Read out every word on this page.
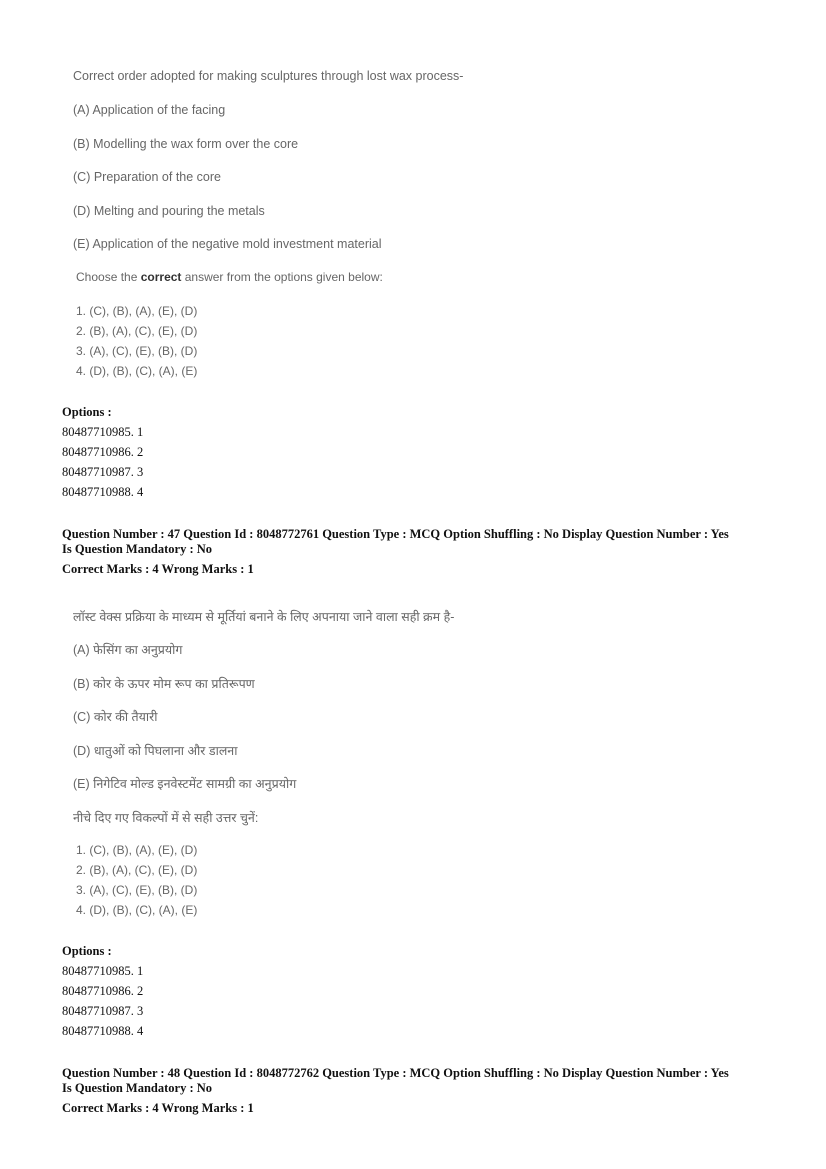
Correct order adopted for making sculptures through lost wax process-
(A) Application of the facing
(B) Modelling the wax form over the core
(C) Preparation of the core
(D) Melting and pouring the metals
(E) Application of the negative mold investment material
Choose the correct answer from the options given below:
1. (C), (B), (A), (E), (D)
2. (B), (A), (C), (E), (D)
3. (A), (C), (E), (B), (D)
4. (D), (B), (C), (A), (E)
Options :
80487710985. 1
80487710986. 2
80487710987. 3
80487710988. 4
Question Number : 47 Question Id : 8048772761 Question Type : MCQ Option Shuffling : No Display Question Number : Yes
Is Question Mandatory : No
Correct Marks : 4 Wrong Marks : 1
लॉस्ट वेक्स प्रक्रिया के माध्यम से मूर्तियां बनाने के लिए अपनाया जाने वाला सही क्रम है-
(A) फेसिंग का अनुप्रयोग
(B) कोर के ऊपर मोम रूप का प्रतिरूपण
(C) कोर की तैयारी
(D) धातुओं को पिघलाना और डालना
(E) निगेटिव मोल्ड इनवेस्टमेंट सामग्री का अनुप्रयोग
नीचे दिए गए विकल्पों में से सही उत्तर चुनें:
1. (C), (B), (A), (E), (D)
2. (B), (A), (C), (E), (D)
3. (A), (C), (E), (B), (D)
4. (D), (B), (C), (A), (E)
Options :
80487710985. 1
80487710986. 2
80487710987. 3
80487710988. 4
Question Number : 48 Question Id : 8048772762 Question Type : MCQ Option Shuffling : No Display Question Number : Yes
Is Question Mandatory : No
Correct Marks : 4 Wrong Marks : 1
